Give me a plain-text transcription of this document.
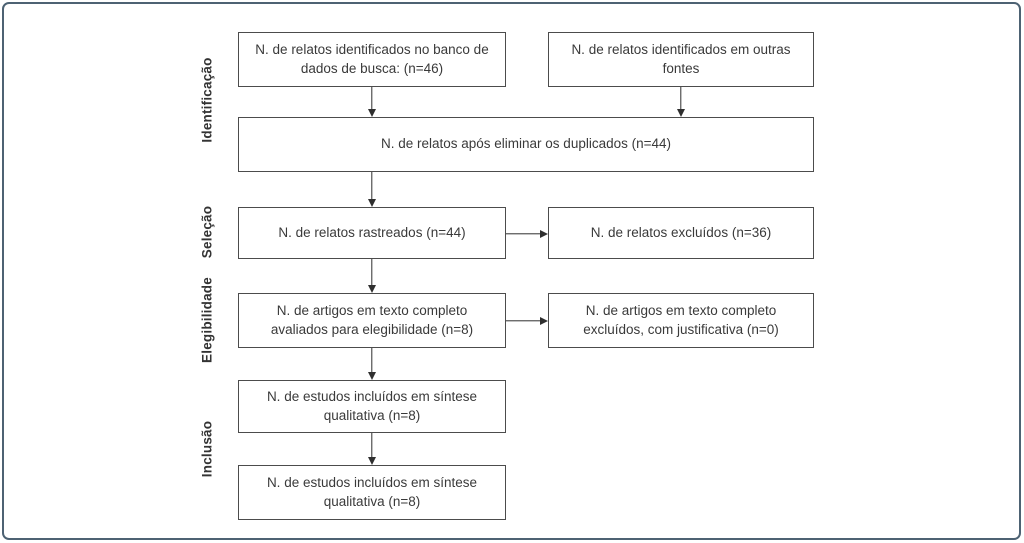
Identificação
Seleção
Elegibilidade
Inclusão
N. de relatos identificados no banco de dados de busca: (n=46)
N. de relatos identificados em outras fontes
N. de relatos após eliminar os duplicados (n=44)
N. de relatos rastreados (n=44)	N. de relatos excluídos (n=36)
N. de artigos em texto completo avaliados para elegibilidade (n=8)
N. de artigos em texto completo excluídos, com justificativa (n=0)
N. de estudos incluídos em síntese qualitativa (n=8)
N. de estudos incluídos em síntese qualitativa (n=8)
